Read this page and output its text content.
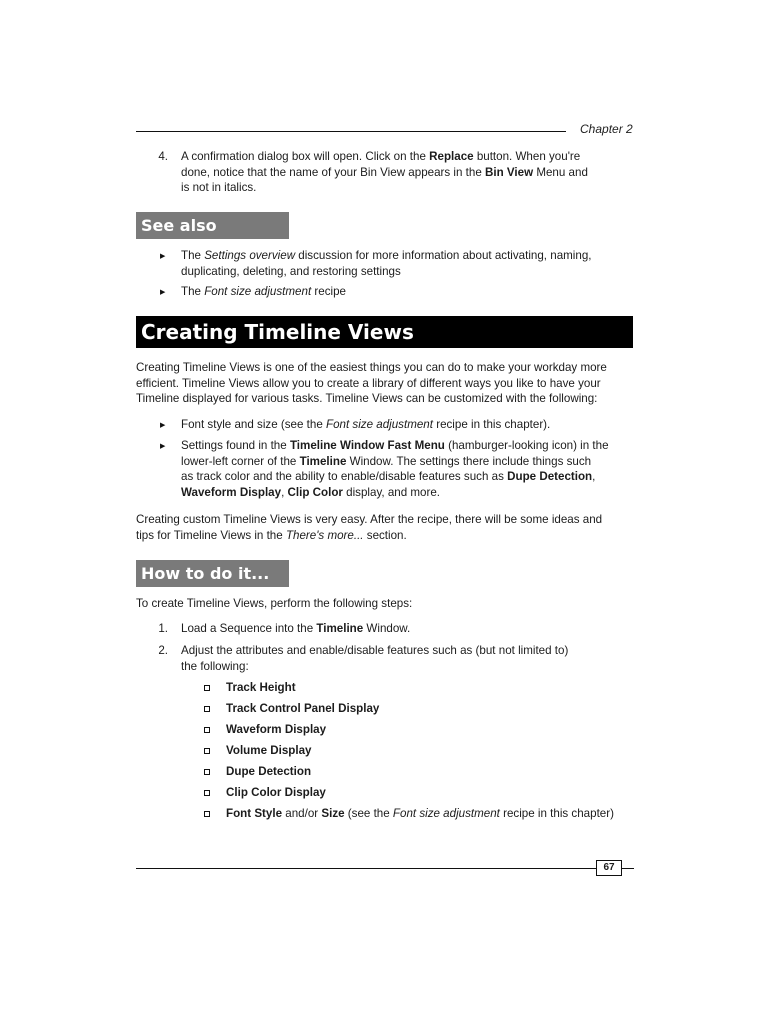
Chapter 2
4. A confirmation dialog box will open. Click on the Replace button. When you're
done, notice that the name of your Bin View appears in the Bin View Menu and
is not in italics.
See also
▶ The Settings overview discussion for more information about activating, naming,
duplicating, deleting, and restoring settings
▶ The Font size adjustment recipe
Creating Timeline Views
Creating Timeline Views is one of the easiest things you can do to make your workday more
efficient. Timeline Views allow you to create a library of different ways you like to have your
Timeline displayed for various tasks. Timeline Views can be customized with the following:
▶ Font style and size (see the Font size adjustment recipe in this chapter).
▶ Settings found in the Timeline Window Fast Menu (hamburger-looking icon) in the
lower-left corner of the Timeline Window. The settings there include things such
as track color and the ability to enable/disable features such as Dupe Detection,
Waveform Display, Clip Color display, and more.
Creating custom Timeline Views is very easy. After the recipe, there will be some ideas and
tips for Timeline Views in the There's more... section.
How to do it...
To create Timeline Views, perform the following steps:
1. Load a Sequence into the Timeline Window.
2. Adjust the attributes and enable/disable features such as (but not limited to)
the following:
Track Height
Track Control Panel Display
Waveform Display
Volume Display
Dupe Detection
Clip Color Display
Font Style and/or Size (see the Font size adjustment recipe in this chapter)
67
